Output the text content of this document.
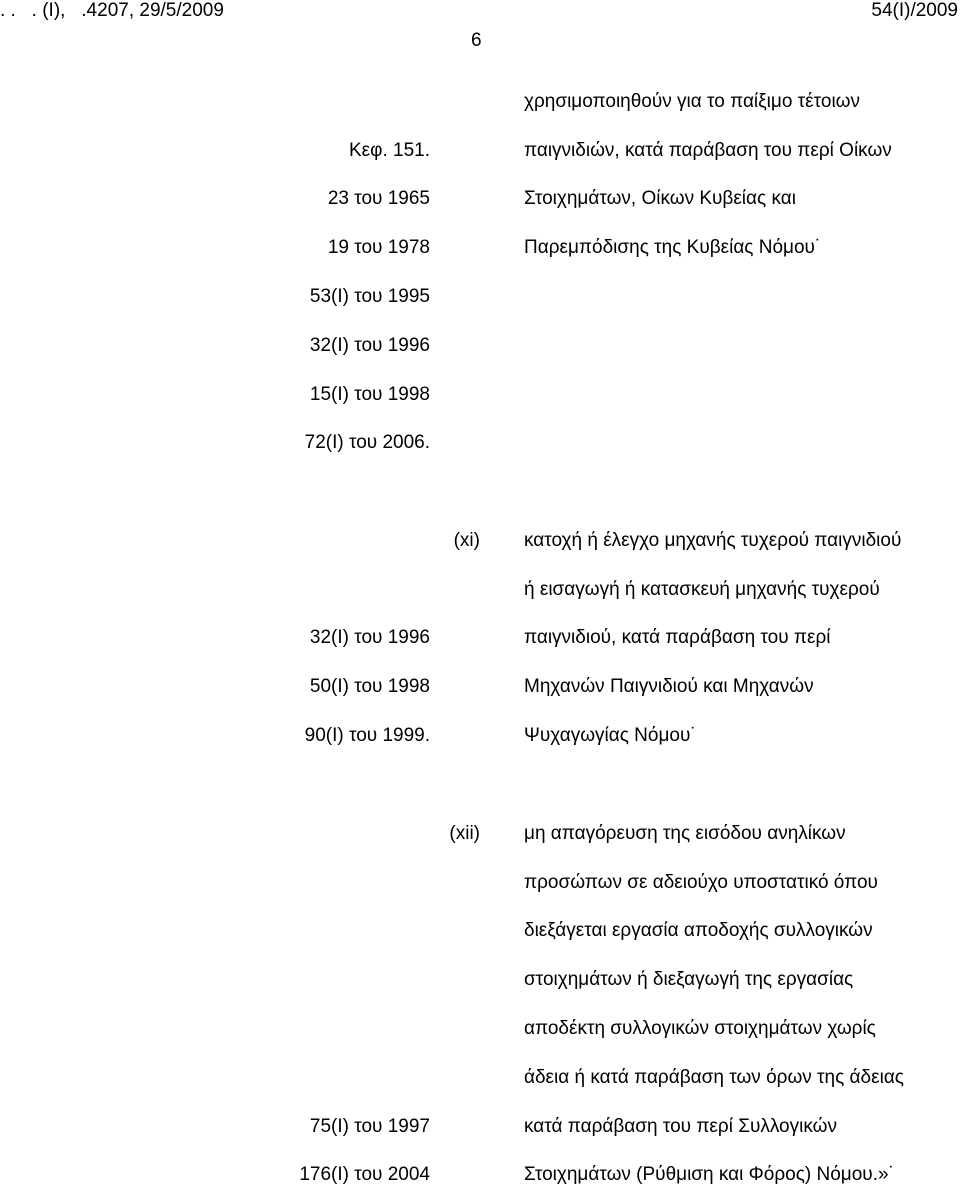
. .   . (I),   .4207, 29/5/2009	54(I)/2009
6
χρησιμοποιηθούν για το παίξιμο τέτοιων
Κεφ. 151.	παιγνιδιών, κατά παράβαση του περί Οίκων
23 του 1965	Στοιχημάτων, Οίκων Κυβείας και
19 του 1978	Παρεμπόδισης της Κυβείας Νόμου˙
53(I) του 1995
32(I) του 1996
15(I) του 1998
72(I) του 2006.
(xi) κατοχή ή έλεγχο μηχανής τυχερού παιγνιδιού
ή εισαγωγή ή κατασκευή μηχανής τυχερού
32(I) του 1996	παιγνιδιού, κατά παράβαση του περί
50(I) του 1998	Μηχανών Παιγνιδιού και Μηχανών
90(I) του 1999.	Ψυχαγωγίας Νόμου˙
(xii) μη απαγόρευση της εισόδου ανηλίκων
προσώπων σε αδειούχο υποστατικό όπου
διεξάγεται εργασία αποδοχής συλλογικών
στοιχημάτων ή διεξαγωγή της εργασίας
αποδέκτη συλλογικών στοιχημάτων χωρίς
άδεια ή κατά παράβαση των όρων της άδειας
75(I) του 1997	κατά παράβαση του περί Συλλογικών
176(I) του 2004	Στοιχημάτων (Ρύθμιση και Φόρος) Νόμου.»˙
